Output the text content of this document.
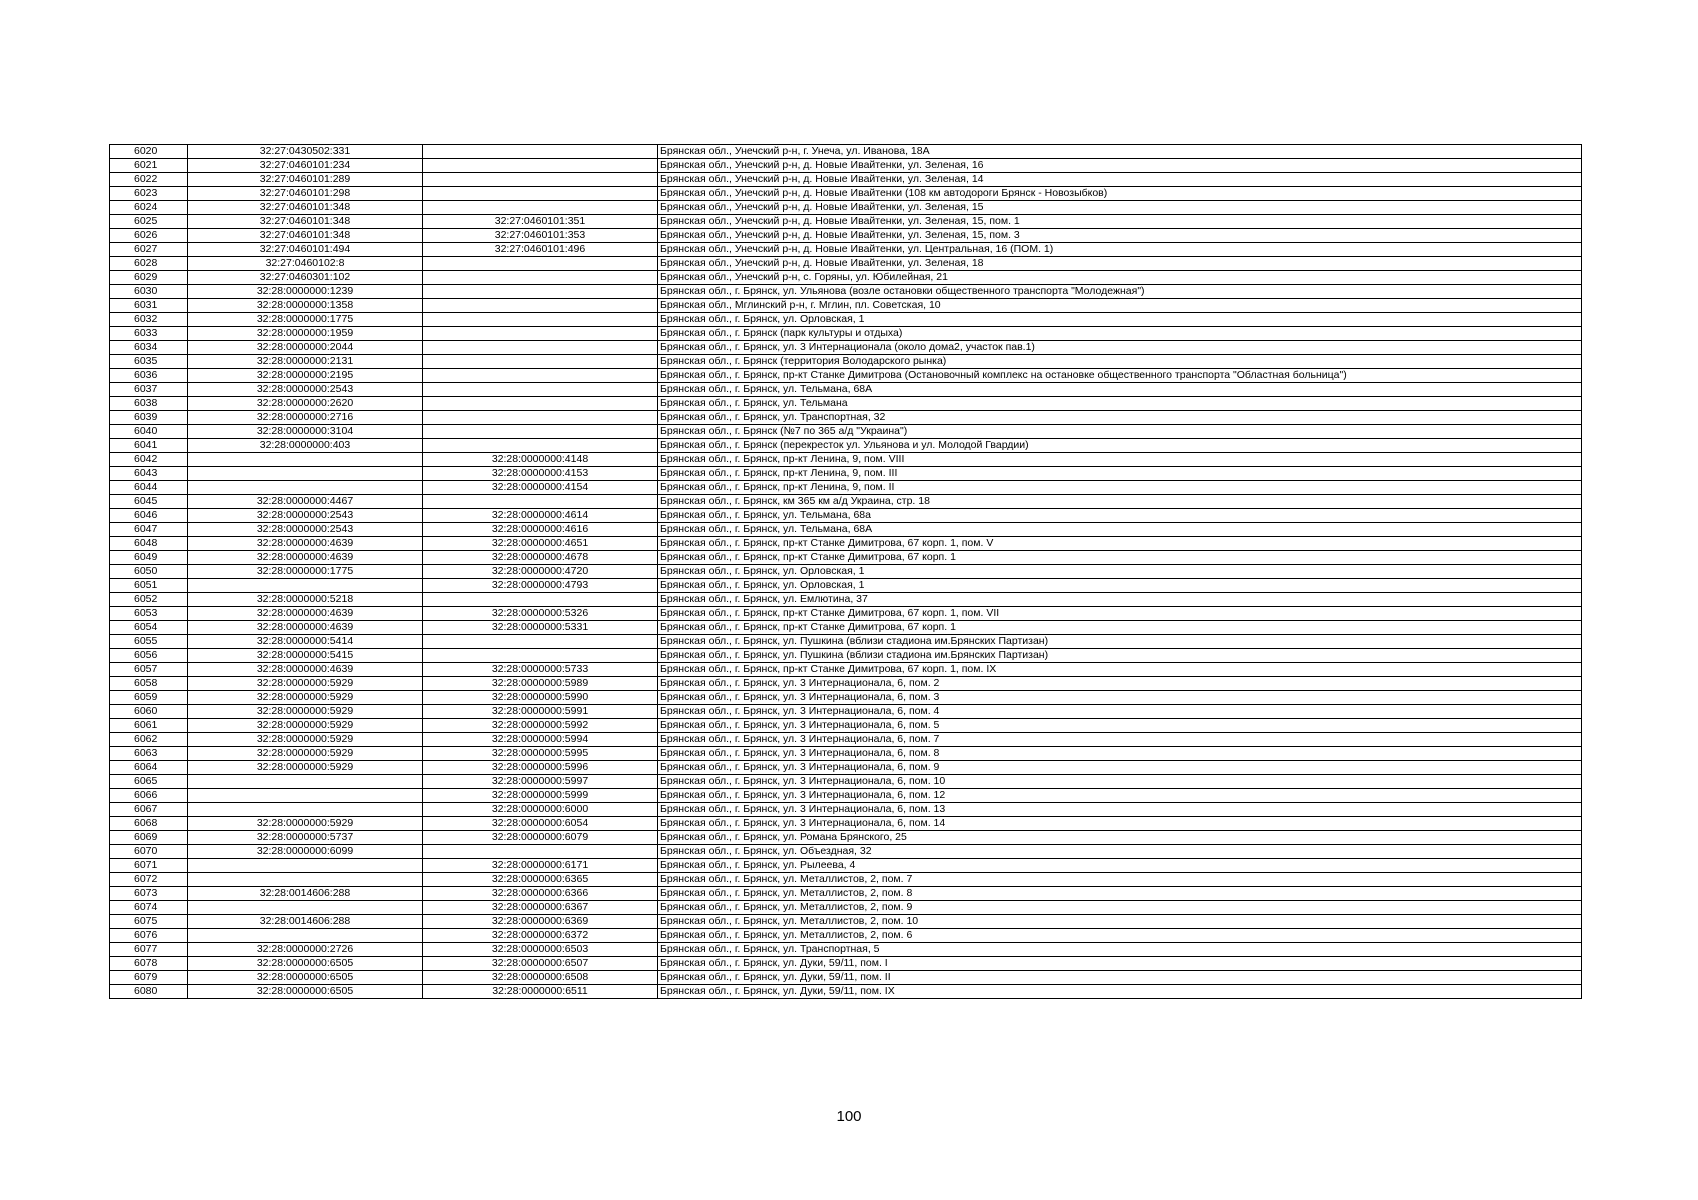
6020	32:27:0430502:331		Брянская обл., Унечский р-н, г. Унеча, ул. Иванова, 18А
6021	32:27:0460101:234		Брянская обл., Унечский р-н, д. Новые Ивайтенки, ул. Зеленая, 16
6022	32:27:0460101:289		Брянская обл., Унечский р-н, д. Новые Ивайтенки, ул. Зеленая, 14
6023	32:27:0460101:298		Брянская обл., Унечский р-н, д. Новые Ивайтенки (108 км автодороги Брянск - Новозыбков)
6024	32:27:0460101:348		Брянская обл., Унечский р-н, д. Новые Ивайтенки, ул. Зеленая, 15
6025	32:27:0460101:348	32:27:0460101:351	Брянская обл., Унечский р-н, д. Новые Ивайтенки, ул. Зеленая, 15, пом. 1
6026	32:27:0460101:348	32:27:0460101:353	Брянская обл., Унечский р-н, д. Новые Ивайтенки, ул. Зеленая, 15, пом. 3
6027	32:27:0460101:494	32:27:0460101:496	Брянская обл., Унечский р-н, д. Новые Ивайтенки, ул. Центральная, 16 (ПОМ. 1)
6028	32:27:0460102:8		Брянская обл., Унечский р-н, д. Новые Ивайтенки, ул. Зеленая, 18
6029	32:27:0460301:102		Брянская обл., Унечский р-н, с. Горяны, ул. Юбилейная, 21
6030	32:28:0000000:1239		Брянская обл., г. Брянск, ул. Ульянова (возле остановки общественного транспорта "Молодежная")
6031	32:28:0000000:1358		Брянская обл., Мглинский р-н, г. Мглин, пл. Советская, 10
6032	32:28:0000000:1775		Брянская обл., г. Брянск, ул. Орловская, 1
6033	32:28:0000000:1959		Брянская обл., г. Брянск (парк культуры и отдыха)
6034	32:28:0000000:2044		Брянская обл., г. Брянск, ул. 3 Интернационала (около дома2, участок пав.1)
6035	32:28:0000000:2131		Брянская обл., г. Брянск (территория Володарского рынка)
6036	32:28:0000000:2195		Брянская обл., г. Брянск, пр-кт Станке Димитрова (Остановочный комплекс на остановке общественного транспорта "Областная больница")
6037	32:28:0000000:2543		Брянская обл., г. Брянск, ул. Тельмана, 68А
6038	32:28:0000000:2620		Брянская обл., г. Брянск, ул. Тельмана
6039	32:28:0000000:2716		Брянская обл., г. Брянск, ул. Транспортная, 32
6040	32:28:0000000:3104		Брянская обл., г. Брянск (№7 по 365 а/д "Украина")
6041	32:28:0000000:403		Брянская обл., г. Брянск (перекресток ул. Ульянова и ул. Молодой Гвардии)
6042		32:28:0000000:4148	Брянская обл., г. Брянск, пр-кт Ленина, 9, пом. VIII
6043		32:28:0000000:4153	Брянская обл., г. Брянск, пр-кт Ленина, 9, пом. III
6044		32:28:0000000:4154	Брянская обл., г. Брянск, пр-кт Ленина, 9, пом. II
6045	32:28:0000000:4467		Брянская обл., г. Брянск, км 365 км а/д Украина, стр. 18
6046	32:28:0000000:2543	32:28:0000000:4614	Брянская обл., г. Брянск, ул. Тельмана, 68а
6047	32:28:0000000:2543	32:28:0000000:4616	Брянская обл., г. Брянск, ул. Тельмана, 68А
6048	32:28:0000000:4639	32:28:0000000:4651	Брянская обл., г. Брянск, пр-кт Станке Димитрова, 67 корп. 1, пом. V
6049	32:28:0000000:4639	32:28:0000000:4678	Брянская обл., г. Брянск, пр-кт Станке Димитрова, 67 корп. 1
6050	32:28:0000000:1775	32:28:0000000:4720	Брянская обл., г. Брянск, ул. Орловская, 1
6051		32:28:0000000:4793	Брянская обл., г. Брянск, ул. Орловская, 1
6052	32:28:0000000:5218		Брянская обл., г. Брянск, ул. Емлютина, 37
6053	32:28:0000000:4639	32:28:0000000:5326	Брянская обл., г. Брянск, пр-кт Станке Димитрова, 67 корп. 1, пом. VII
6054	32:28:0000000:4639	32:28:0000000:5331	Брянская обл., г. Брянск, пр-кт Станке Димитрова, 67 корп. 1
6055	32:28:0000000:5414		Брянская обл., г. Брянск, ул. Пушкина (вблизи стадиона им.Брянских Партизан)
6056	32:28:0000000:5415		Брянская обл., г. Брянск, ул. Пушкина (вблизи стадиона им.Брянских Партизан)
6057	32:28:0000000:4639	32:28:0000000:5733	Брянская обл., г. Брянск, пр-кт Станке Димитрова, 67 корп. 1, пом. IX
6058	32:28:0000000:5929	32:28:0000000:5989	Брянская обл., г. Брянск, ул. 3 Интернационала, 6, пом. 2
6059	32:28:0000000:5929	32:28:0000000:5990	Брянская обл., г. Брянск, ул. 3 Интернационала, 6, пом. 3
6060	32:28:0000000:5929	32:28:0000000:5991	Брянская обл., г. Брянск, ул. 3 Интернационала, 6, пом. 4
6061	32:28:0000000:5929	32:28:0000000:5992	Брянская обл., г. Брянск, ул. 3 Интернационала, 6, пом. 5
6062	32:28:0000000:5929	32:28:0000000:5994	Брянская обл., г. Брянск, ул. 3 Интернационала, 6, пом. 7
6063	32:28:0000000:5929	32:28:0000000:5995	Брянская обл., г. Брянск, ул. 3 Интернационала, 6, пом. 8
6064	32:28:0000000:5929	32:28:0000000:5996	Брянская обл., г. Брянск, ул. 3 Интернационала, 6, пом. 9
6065		32:28:0000000:5997	Брянская обл., г. Брянск, ул. 3 Интернационала, 6, пом. 10
6066		32:28:0000000:5999	Брянская обл., г. Брянск, ул. 3 Интернационала, 6, пом. 12
6067		32:28:0000000:6000	Брянская обл., г. Брянск, ул. 3 Интернационала, 6, пом. 13
6068	32:28:0000000:5929	32:28:0000000:6054	Брянская обл., г. Брянск, ул. 3 Интернационала, 6, пом. 14
6069	32:28:0000000:5737	32:28:0000000:6079	Брянская обл., г. Брянск, ул. Романа Брянского, 25
6070	32:28:0000000:6099		Брянская обл., г. Брянск, ул. Объездная, 32
6071		32:28:0000000:6171	Брянская обл., г. Брянск, ул. Рылеева, 4
6072		32:28:0000000:6365	Брянская обл., г. Брянск, ул. Металлистов, 2, пом. 7
6073	32:28:0014606:288	32:28:0000000:6366	Брянская обл., г. Брянск, ул. Металлистов, 2, пом. 8
6074		32:28:0000000:6367	Брянская обл., г. Брянск, ул. Металлистов, 2, пом. 9
6075	32:28:0014606:288	32:28:0000000:6369	Брянская обл., г. Брянск, ул. Металлистов, 2, пом. 10
6076		32:28:0000000:6372	Брянская обл., г. Брянск, ул. Металлистов, 2, пом. 6
6077	32:28:0000000:2726	32:28:0000000:6503	Брянская обл., г. Брянск, ул. Транспортная, 5
6078	32:28:0000000:6505	32:28:0000000:6507	Брянская обл., г. Брянск, ул. Дуки, 59/11, пом. I
6079	32:28:0000000:6505	32:28:0000000:6508	Брянская обл., г. Брянск, ул. Дуки, 59/11, пом. II
6080	32:28:0000000:6505	32:28:0000000:6511	Брянская обл., г. Брянск, ул. Дуки, 59/11, пом. IX
100
